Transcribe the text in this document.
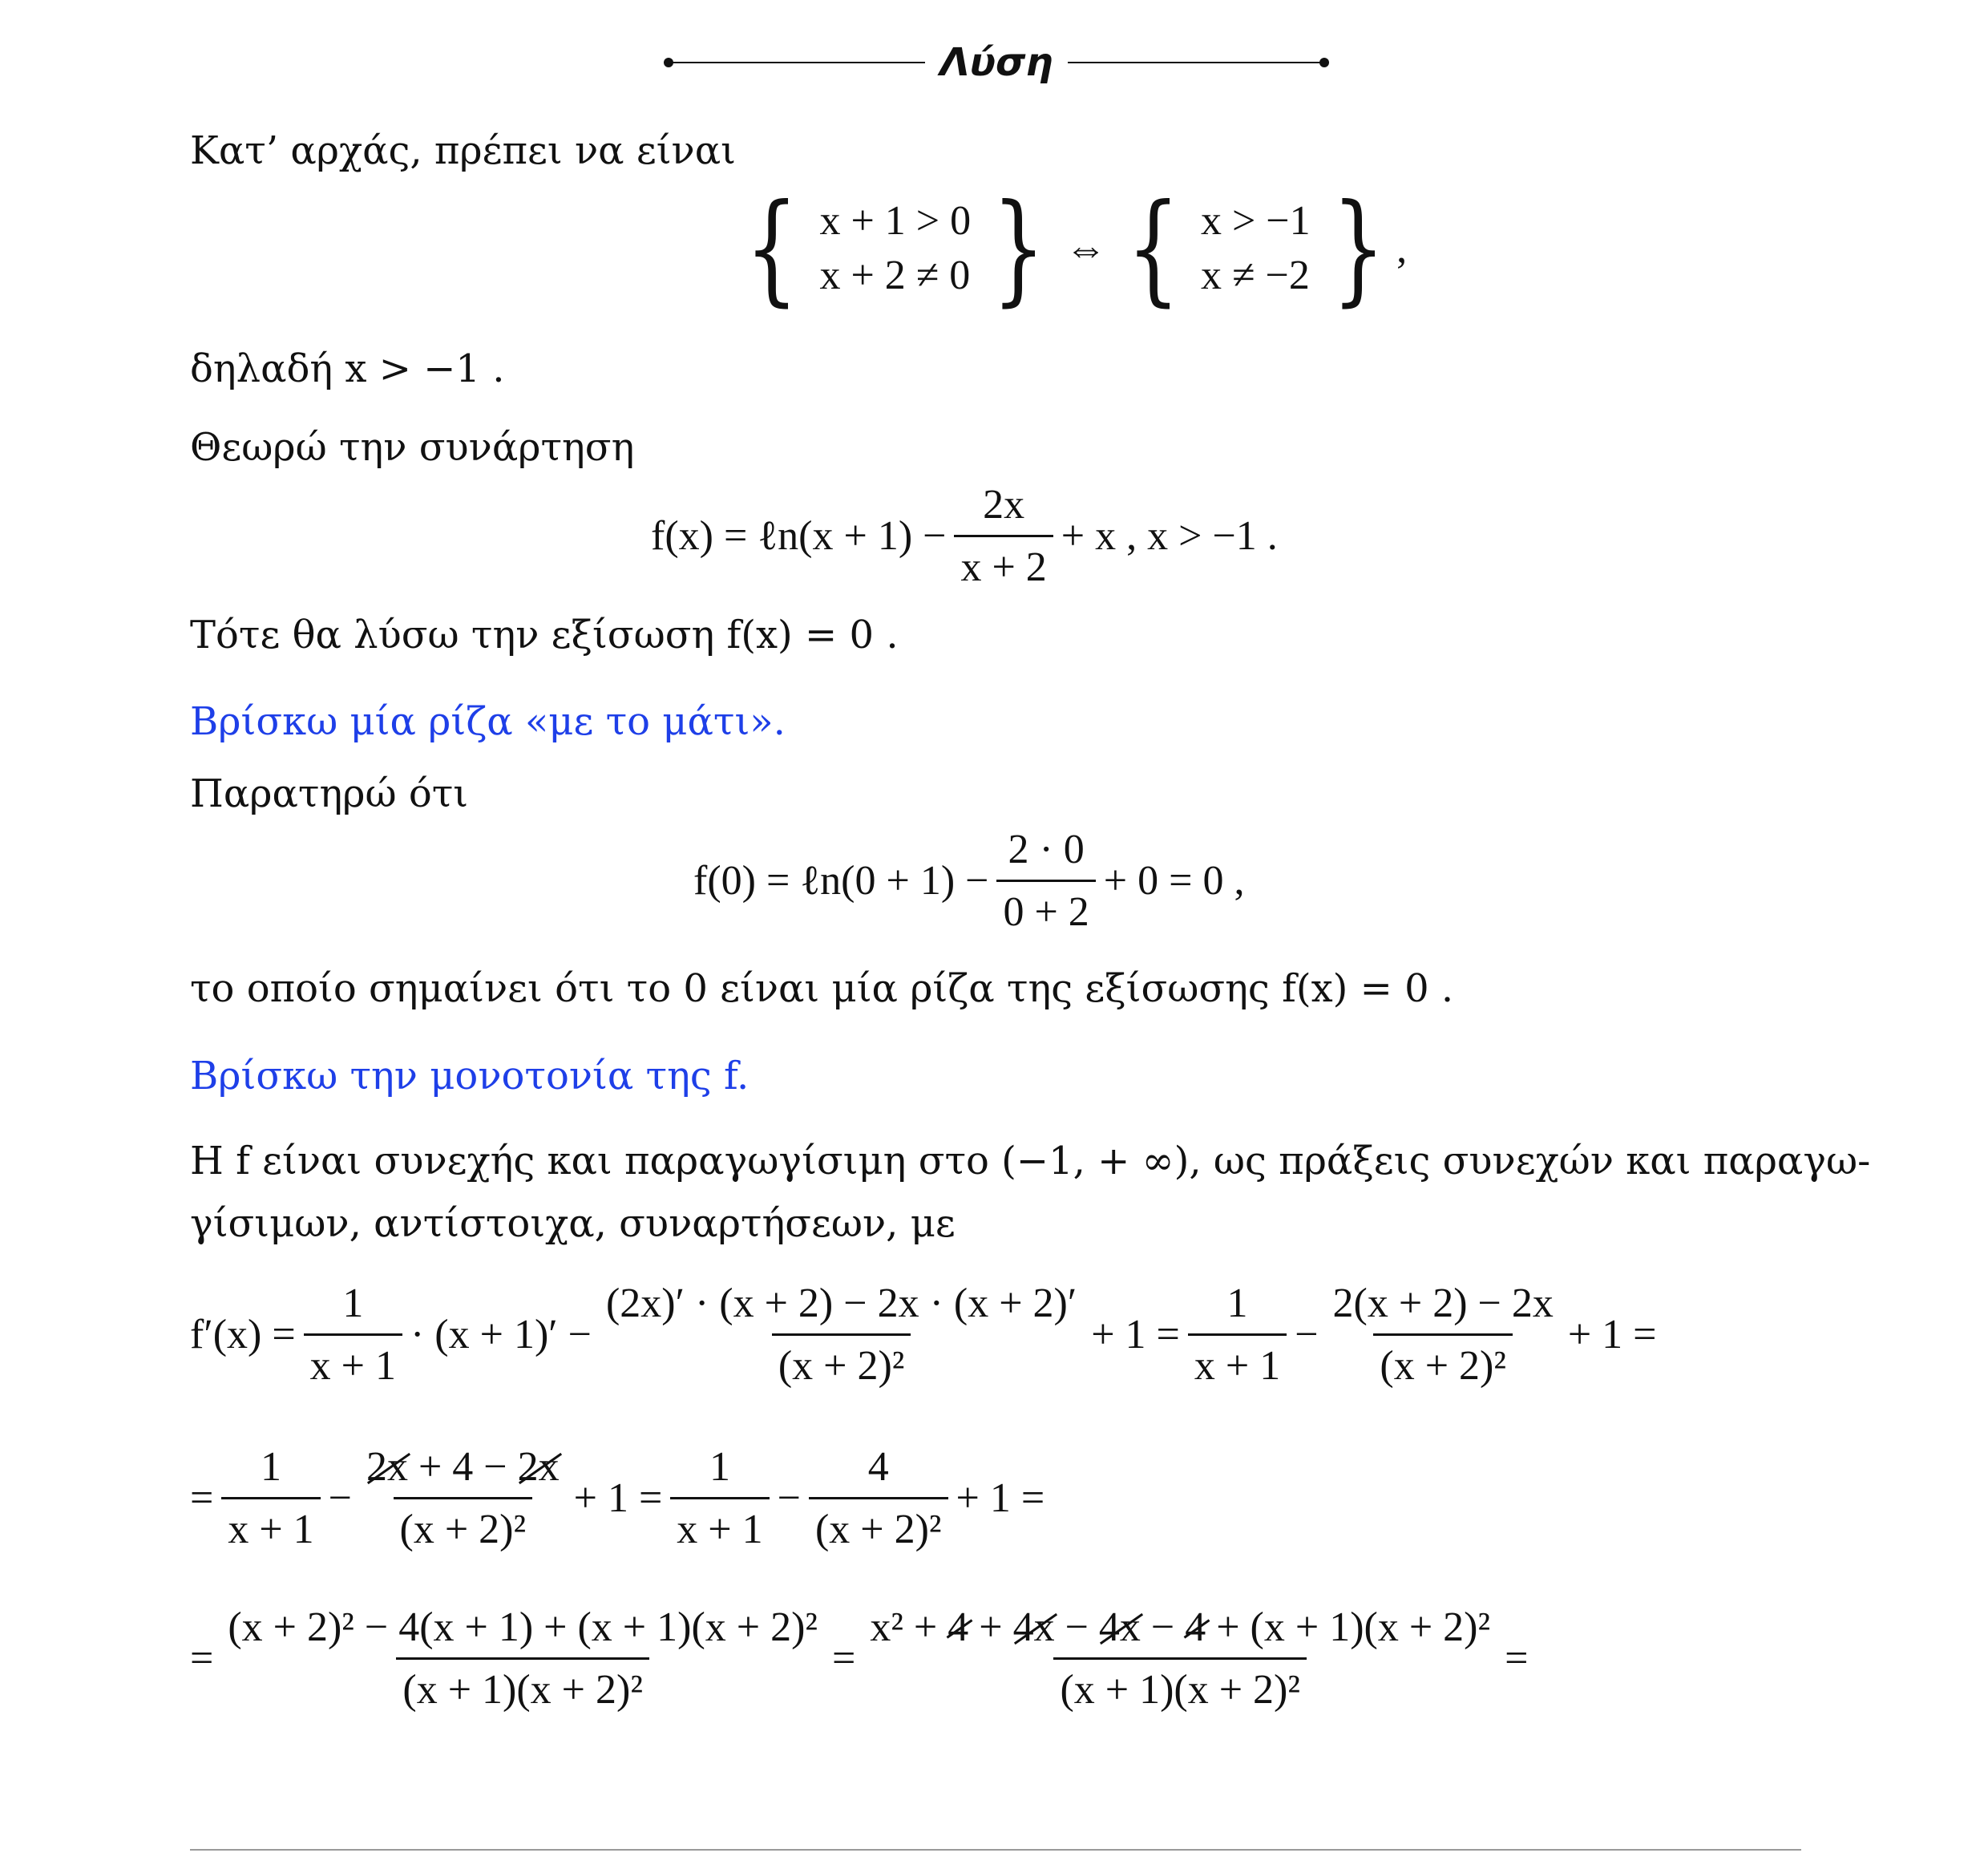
Λύση
Κατ’ αρχάς, πρέπει να είναι
{ x + 1 > 0
x + 2 ≠ 0 } ⇔ { x > −1
x ≠ −2 } ,
δηλαδή x > −1 .
Θεωρώ την συνάρτηση
f(x) = ℓn(x + $1) - \frac{2x}{x + 2} + x$ , x > −1 .
Τότε θα λύσω την εξίσωση f(x) = 0 .
Βρίσκω μία ρίζα «με το μάτι».
Παρατηρώ ότι
f(0) = ℓn(0 + $1) - \frac{2 \cdot 0}{0 + 2} + 0 = 0$ ,
το οποίο σημαίνει ότι το 0 είναι μία ρίζα της εξίσωσης f(x) = 0 .
Βρίσκω την μονοτονία της f.
Η f είναι συνεχής και παραγωγίσιμη στο (−1, + ∞), ως πράξεις συνεχών και παραγω-
γίσιμων, αντίστοιχα, συναρτήσεων, με
$f'(x) = \frac{1}{x + 1} \cdot (x + 1)' - \frac{(2x)' \cdot (x + 2) - 2x \cdot (x + 2)'}{\text{(x + 2)²}} + 1 = \frac{1}{x + 1} - \frac{2(x + 2) - 2x}{\text{(x + 2)²}} + 1$ =
= $\frac{1}{x + 1} - \frac{2x + 4 - 2x}{\text{(x + 2)²}} + 1 = \frac{1}{x + 1} - \frac{4}{\text{(x + 2)²}} + 1$ =
= $\frac{\text{(x + 2)² − 4(x + 1) + (x + 1)(x + 2)²}}{\text{(x + 1)(x + 2)²}} = \frac{\text{x² + 4 + 4x − 4x − 4 + (x + 1)(x + 2)²}}{\text{(x + 1)(x + 2)²}}$ =
